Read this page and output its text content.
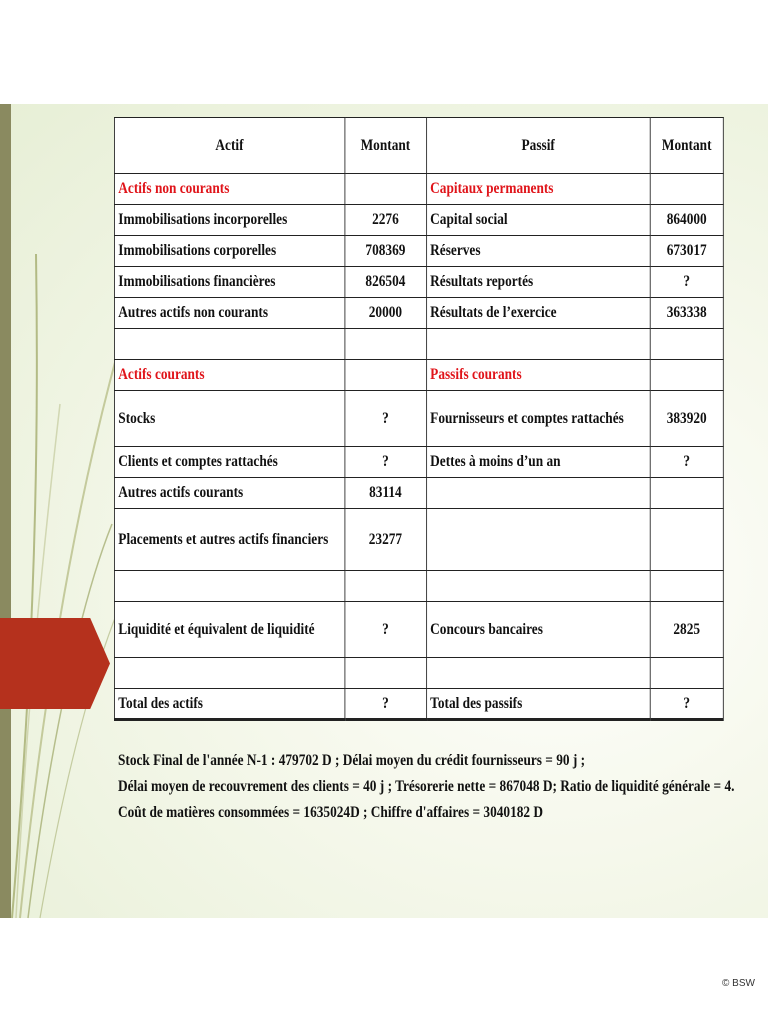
© BSW
Actif	Montant	Passif	Montant
Actifs non courants		Capitaux permanents	
Immobilisations incorporelles	2276	Capital social	864000
Immobilisations corporelles	708369	Réserves	673017
Immobilisations financières	826504	Résultats reportés	?
Autres actifs non courants	20000	Résultats de l’exercice	363338

Actifs courants		Passifs courants	
Stocks	?	Fournisseurs et comptes rattachés	383920
Clients et comptes rattachés	?	Dettes à moins d’un an	?
Autres actifs courants	83114		
Placements et autres actifs financiers	23277		

Liquidité et équivalent de liquidité	?	Concours bancaires	2825

Total des actifs	?	Total des passifs	?
Stock Final de l'année N-1 : 479702 D ; Délai moyen du crédit fournisseurs = 90 j ;
Délai moyen de recouvrement des clients = 40 j ; Trésorerie nette = 867048 D; Ratio de liquidité générale = 4.
Coût de matières consommées = 1635024D ; Chiffre d'affaires = 3040182 D
